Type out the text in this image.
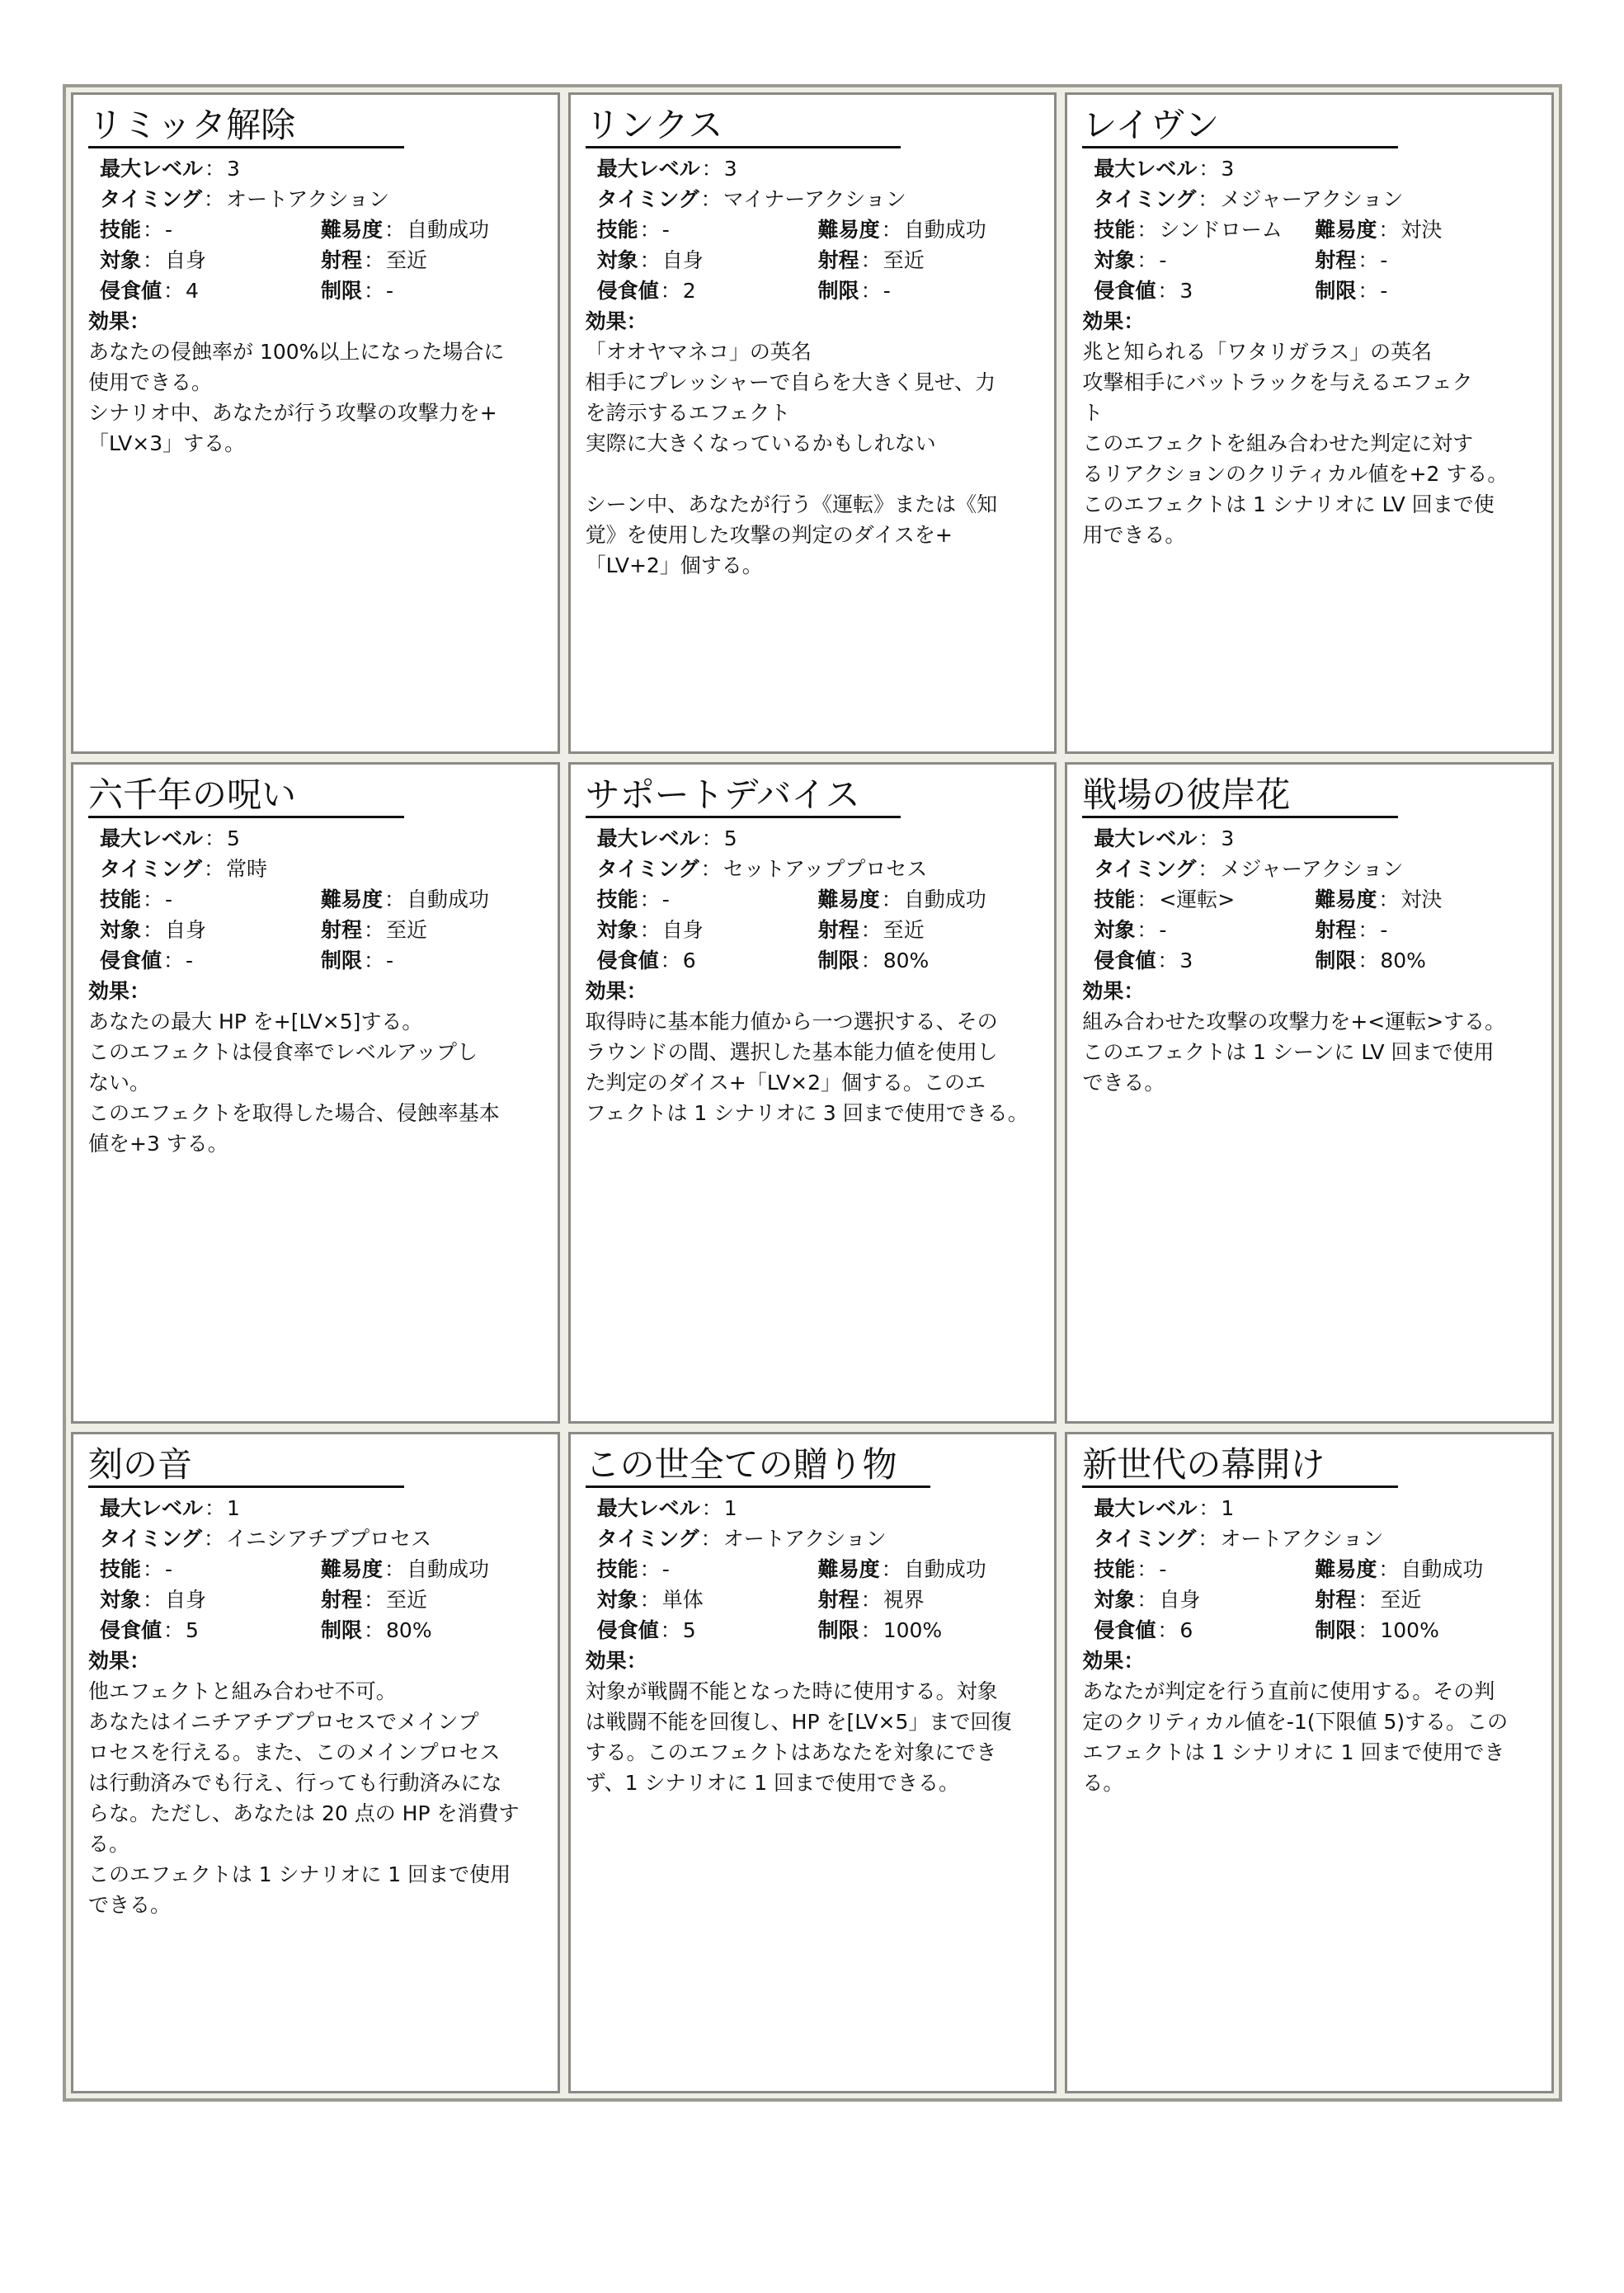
リミッタ解除
最大レベル：3
タイミング：オートアクション
技能：-	難易度：自動成功
対象：自身	射程：至近
侵食値：4	制限：-
効果：
あなたの侵蝕率が 100%以上になった場合に
使用できる。
シナリオ中、あなたが行う攻撃の攻撃力を+
「LV×3」する。
リンクス
最大レベル：3
タイミング：マイナーアクション
技能：-	難易度：自動成功
対象：自身	射程：至近
侵食値：2	制限：-
効果：
「オオヤマネコ」の英名
相手にプレッシャーで自らを大きく見せ、力
を誇示するエフェクト
実際に大きくなっているかもしれない
シーン中、あなたが行う《運転》または《知
覚》を使用した攻撃の判定のダイスを+
「LV+2」個する。
レイヴン
最大レベル：3
タイミング：メジャーアクション
技能：シンドローム	難易度：対決
対象：-	射程：-
侵食値：3	制限：-
効果：
兆と知られる「ワタリガラス」の英名
攻撃相手にバットラックを与えるエフェク
ト
このエフェクトを組み合わせた判定に対す
るリアクションのクリティカル値を+2 する。
このエフェクトは 1 シナリオに LV 回まで使
用できる。
六千年の呪い
最大レベル：5
タイミング：常時
技能：-	難易度：自動成功
対象：自身	射程：至近
侵食値：-	制限：-
効果：
あなたの最大 HP を+[LV×5]する。
このエフェクトは侵食率でレベルアップし
ない。
このエフェクトを取得した場合、侵蝕率基本
値を+3 する。
サポートデバイス
最大レベル：5
タイミング：セットアッププロセス
技能：-	難易度：自動成功
対象：自身	射程：至近
侵食値：6	制限：80%
効果：
取得時に基本能力値から一つ選択する、その
ラウンドの間、選択した基本能力値を使用し
た判定のダイス+「LV×2」個する。このエ
フェクトは 1 シナリオに 3 回まで使用できる。
戦場の彼岸花
最大レベル：3
タイミング：メジャーアクション
技能：<運転>	難易度：対決
対象：-	射程：-
侵食値：3	制限：80%
効果：
組み合わせた攻撃の攻撃力を+<運転>する。
このエフェクトは 1 シーンに LV 回まで使用
できる。
刻の音
最大レベル：1
タイミング：イニシアチブプロセス
技能：-	難易度：自動成功
対象：自身	射程：至近
侵食値：5	制限：80%
効果：
他エフェクトと組み合わせ不可。
あなたはイニチアチブプロセスでメインプ
ロセスを行える。また、このメインプロセス
は行動済みでも行え、行っても行動済みにな
らな。ただし、あなたは 20 点の HP を消費す
る。
このエフェクトは 1 シナリオに 1 回まで使用
できる。
この世全ての贈り物
最大レベル：1
タイミング：オートアクション
技能：-	難易度：自動成功
対象：単体	射程：視界
侵食値：5	制限：100%
効果：
対象が戦闘不能となった時に使用する。対象
は戦闘不能を回復し、HP を[LV×5」まで回復
する。このエフェクトはあなたを対象にでき
ず、1 シナリオに 1 回まで使用できる。
新世代の幕開け
最大レベル：1
タイミング：オートアクション
技能：-	難易度：自動成功
対象：自身	射程：至近
侵食値：6	制限：100%
効果：
あなたが判定を行う直前に使用する。その判
定のクリティカル値を-1(下限値 5)する。この
エフェクトは 1 シナリオに 1 回まで使用でき
る。
